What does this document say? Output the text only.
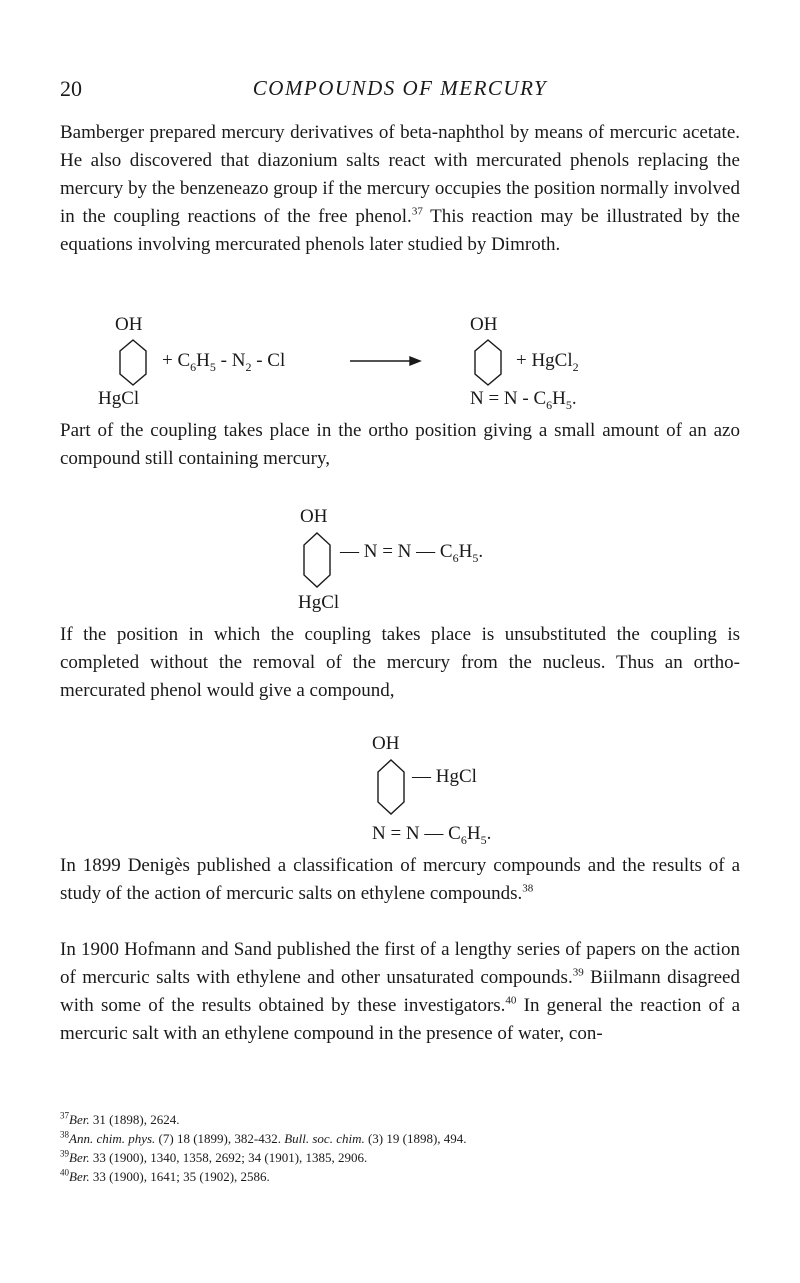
20	COMPOUNDS OF MERCURY

Bamberger prepared mercury derivatives of beta-naphthol by means of mercuric acetate. He also discovered that diazonium salts react with mercurated phenols replacing the mercury by the benzeneazo group if the mercury occupies the position normally involved in the coupling reactions of the free phenol.$^{37}$ This reaction may be illustrated by the equations involving mercurated phenols later studied by Dimroth.

OH
HgCl
+ $C_6H_5 - N_2$ - Cl
OH
+ HgCl$_2$
$N = N - C_6H_5$.

Part of the coupling takes place in the ortho position giving a small amount of an azo compound still containing mercury,

OH
— N = N — $C_6H_5$.
HgCl

If the position in which the coupling takes place is unsubstituted the coupling is completed without the removal of the mercury from the nucleus. Thus an ortho-mercurated phenol would give a compound,

OH
— HgCl
N = N — $C_6H_5$.

In 1899 Denigès published a classification of mercury compounds and the results of a study of the action of mercuric salts on ethylene compounds.$^{38}$

In 1900 Hofmann and Sand published the first of a lengthy series of papers on the action of mercuric salts with ethylene and other unsaturated compounds.$^{39}$ Biilmann disagreed with some of the results obtained by these investigators.$^{40}$ In general the reaction of a mercuric salt with an ethylene compound in the presence of water, con-

$^{37}$Ber. 31 (1898), 2624.
$^{38}$Ann. chim. phys. (7) 18 (1899), 382-432. Bull. soc. chim. (3) 19 (1898), 494.
$^{39}$Ber. 33 (1900), 1340, 1358, 2692; 34 (1901), 1385, 2906.
$^{40}$Ber. 33 (1900), 1641; 35 (1902), 2586.
